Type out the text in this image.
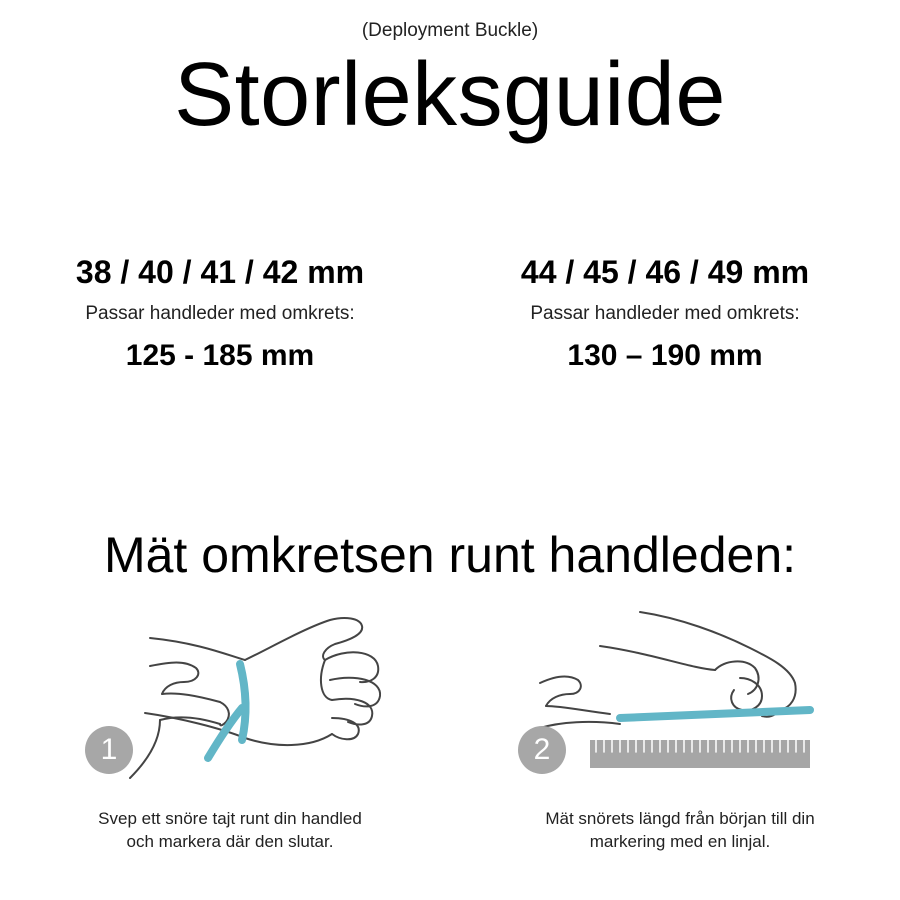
(Deployment Buckle)
Storleksguide
38 / 40 / 41 / 42 mm
Passar handleder med omkrets:
125 - 185 mm
44 / 45 / 46 / 49 mm
Passar handleder med omkrets:
130 – 190 mm
Mät omkretsen runt handleden:
1	2
Svep ett snöre tajt runt din handled
och markera där den slutar.
Mät snörets längd från början till din
markering med en linjal.
